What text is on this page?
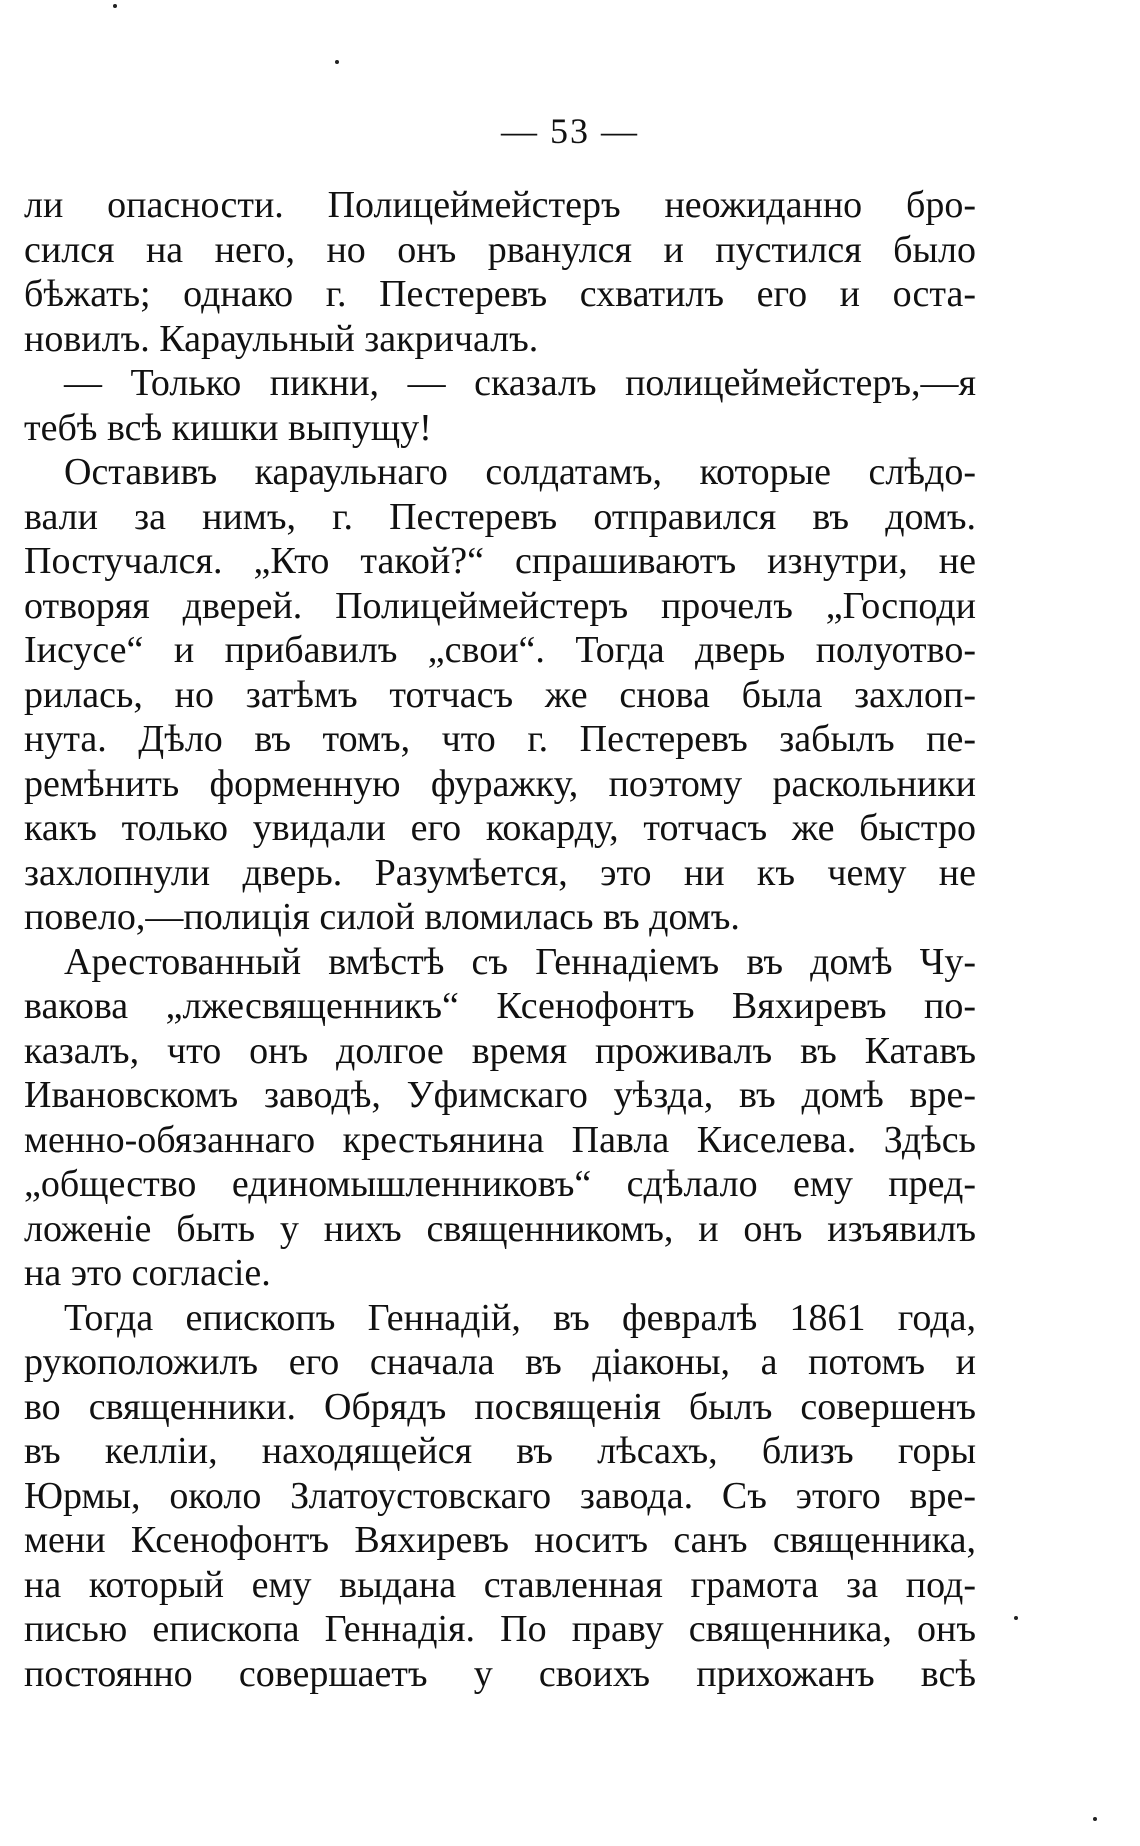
— 53 —
ли опасности. Полицеймейстеръ неожиданно бро-
сился на него, но онъ рванулся и пустился было
бѣжать; однако г. Пестеревъ схватилъ его и оста-
новилъ. Караульный закричалъ.
— Только пикни, — сказалъ полицеймейстеръ,—я
тебѣ всѣ кишки выпущу!
Оставивъ караульнаго солдатамъ, которые слѣдо-
вали за нимъ, г. Пестеревъ отправился въ домъ.
Постучался. „Кто такой?“ спрашиваютъ изнутри, не
отворяя дверей. Полицеймейстеръ прочелъ „Господи
Іисусе“ и прибавилъ „свои“. Тогда дверь полуотво-
рилась, но затѣмъ тотчасъ же снова была захлоп-
нута. Дѣло въ томъ, что г. Пестеревъ забылъ пе-
ремѣнить форменную фуражку, поэтому раскольники
какъ только увидали его кокарду, тотчасъ же быстро
захлопнули дверь. Разумѣется, это ни къ чему не
повело,—полиція силой вломилась въ домъ.
Арестованный вмѣстѣ съ Геннадіемъ въ домѣ Чу-
вакова „лжесвященникъ“ Ксенофонтъ Вяхиревъ по-
казалъ, что онъ долгое время проживалъ въ Катавъ
Ивановскомъ заводѣ, Уфимскаго уѣзда, въ домѣ вре-
менно-обязаннаго крестьянина Павла Киселева. Здѣсь
„общество единомышленниковъ“ сдѣлало ему пред-
ложеніе быть у нихъ священникомъ, и онъ изъявилъ
на это согласіе.
Тогда епископъ Геннадій, въ февралѣ 1861 года,
рукоположилъ его сначала въ діаконы, а потомъ и
во священники. Обрядъ посвященія былъ совершенъ
въ келліи, находящейся въ лѣсахъ, близъ горы
Юрмы, около Златоустовскаго завода. Съ этого вре-
мени Ксенофонтъ Вяхиревъ носитъ санъ священника,
на который ему выдана ставленная грамота за под-
писью епископа Геннадія. По праву священника, онъ
постоянно совершаетъ у своихъ прихожанъ всѣ
